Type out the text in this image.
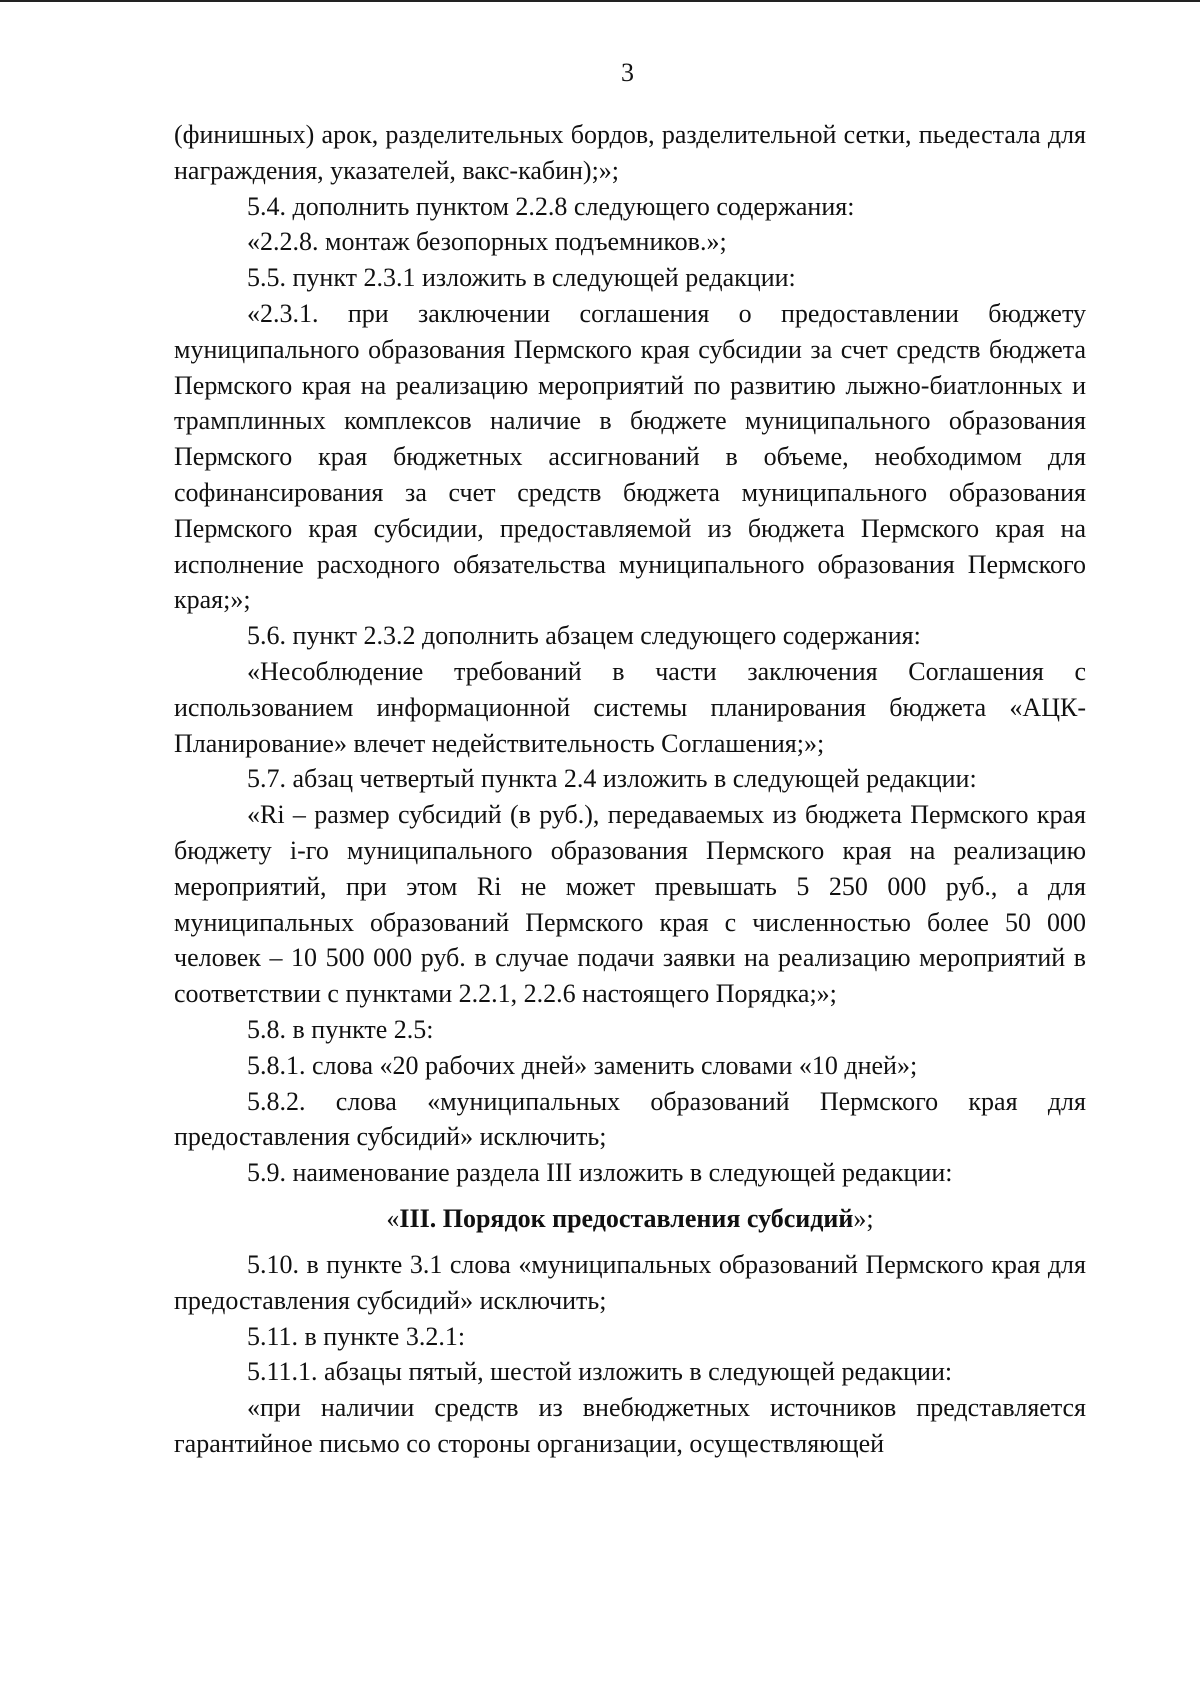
3

(финишных) арок, разделительных бордов, разделительной сетки, пьедестала для награждения, указателей, вакс-кабин);»;

5.4. дополнить пунктом 2.2.8 следующего содержания:

«2.2.8. монтаж безопорных подъемников.»;

5.5. пункт 2.3.1 изложить в следующей редакции:

«2.3.1. при заключении соглашения о предоставлении бюджету муниципального образования Пермского края субсидии за счет средств бюджета Пермского края на реализацию мероприятий по развитию лыжно-биатлонных и трамплинных комплексов наличие в бюджете муниципального образования Пермского края бюджетных ассигнований в объеме, необходимом для софинансирования за счет средств бюджета муниципального образования Пермского края субсидии, предоставляемой из бюджета Пермского края на исполнение расходного обязательства муниципального образования Пермского края;»;

5.6. пункт 2.3.2 дополнить абзацем следующего содержания:

«Несоблюдение требований в части заключения Соглашения с использованием информационной системы планирования бюджета «АЦК-Планирование» влечет недействительность Соглашения;»;

5.7. абзац четвертый пункта 2.4 изложить в следующей редакции:

«Ri – размер субсидий (в руб.), передаваемых из бюджета Пермского края бюджету i-го муниципального образования Пермского края на реализацию мероприятий, при этом Ri не может превышать 5 250 000 руб., а для муниципальных образований Пермского края с численностью более 50 000 человек – 10 500 000 руб. в случае подачи заявки на реализацию мероприятий в соответствии с пунктами 2.2.1, 2.2.6 настоящего Порядка;»;

5.8. в пункте 2.5:

5.8.1. слова «20 рабочих дней» заменить словами «10 дней»;

5.8.2. слова «муниципальных образований Пермского края для предоставления субсидий» исключить;

5.9. наименование раздела III изложить в следующей редакции:

«III. Порядок предоставления субсидий»;

5.10. в пункте 3.1 слова «муниципальных образований Пермского края для предоставления субсидий» исключить;

5.11. в пункте 3.2.1:

5.11.1. абзацы пятый, шестой изложить в следующей редакции:

«при наличии средств из внебюджетных источников представляется гарантийное письмо со стороны организации, осуществляющей
